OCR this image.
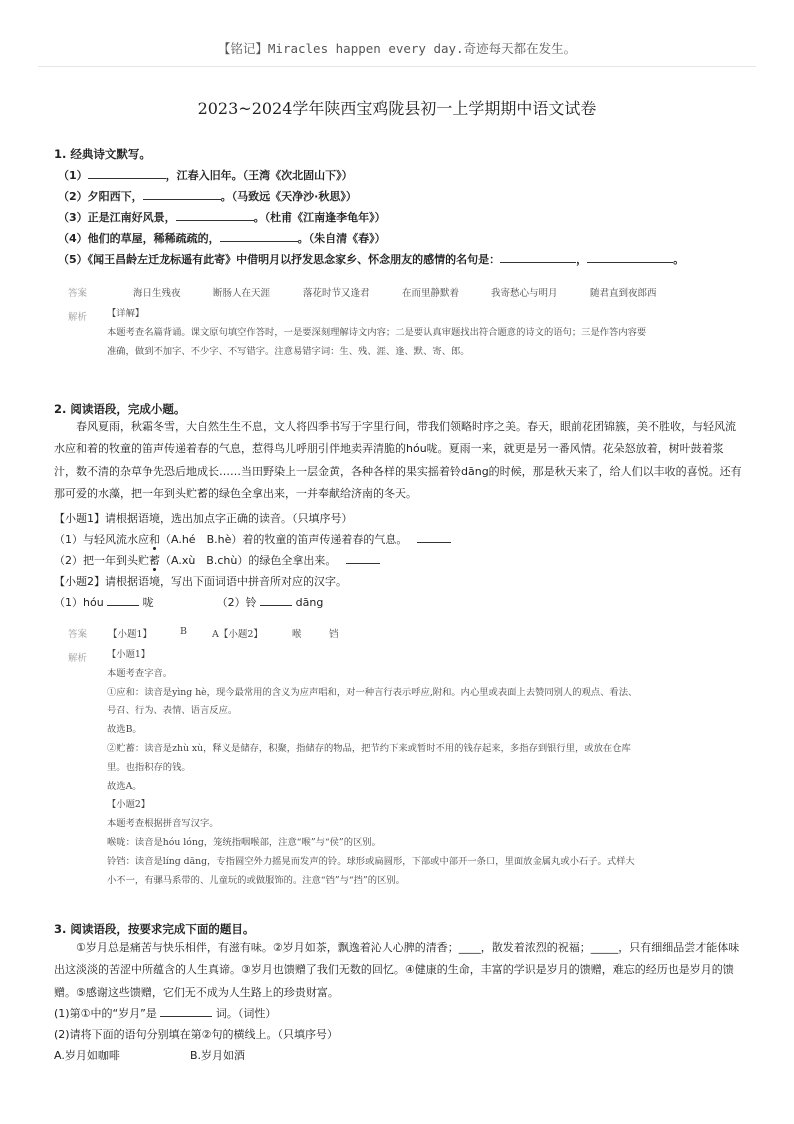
【铭记】Miracles happen every day.奇迹每天都在发生。
2023~2024学年陕西宝鸡陇县初一上学期期中语文试卷
1. 经典诗文默写。
（1）	，江春入旧年。（王湾《次北固山下》）
（2）夕阳西下，	。（马致远《天净沙·秋思》）
（3）正是江南好风景，	。（杜甫《江南逢李龟年》）
（4）他们的草屋，稀稀疏疏的，	。（朱自清《春》）
（5）《闻王昌龄左迁龙标遥有此寄》中借明月以抒发思念家乡、怀念朋友的感情的名句是：	，	。
答案	海日生残夜	断肠人在天涯	落花时节又逢君	在而里静默着	我寄愁心与明月	随君直到夜郎西
解析 【详解】
本题考查名篇背诵。课文原句填空作答时，一是要深刻理解诗文内容；二是要认真审题找出符合题意的诗文的语句；三是作答内容要
准确，做到不加字、不少字、不写错字。注意易错字词：生、残、涯、逢、默、寄、郎。
2. 阅读语段，完成小题。
春风夏雨，秋霜冬雪，大自然生生不息，文人将四季书写于字里行间，带我们领略时序之美。春天，眼前花团锦簇，美不胜收，与轻风流
水应和着的牧童的笛声传递着春的气息，惹得鸟儿呼朋引伴地卖弄清脆的hóu咙。夏雨一来，就更是另一番风情。花朵怒放着，树叶鼓着浆
汁，数不清的杂草争先恐后地成长……当田野染上一层金黄，各种各样的果实摇着铃dāng的时候，那是秋天来了，给人们以丰收的喜悦。还有
那可爱的水藻，把一年到头贮蓄的绿色全拿出来，一并奉献给济南的冬天。
【小题1】请根据语境，选出加点字正确的读音。（只填序号）
（1）与轻风流水应和（A.hé　B.hè）着的牧童的笛声传递着春的气息。
（2）把一年到头贮蓄（A.xù　B.chù）的绿色全拿出来。
【小题2】请根据语境，写出下面词语中拼音所对应的汉字。
（1）hóu	咙	（2）铃	dāng
答案 【小题1】	B	A【小题2】	喉	铛
解析 【小题1】
本题考查字音。
①应和：读音是yìng hè，现今最常用的含义为应声唱和，对一种言行表示呼应,附和。内心里或表面上去赞同别人的观点、看法、
号召、行为、表情、语言反应。
故选B。
②贮蓄：读音是zhù xù，释义是储存，积聚，指储存的物品，把节约下来或暂时不用的钱存起来，多指存到银行里，或放在仓库
里。也指积存的钱。
故选A。
【小题2】
本题考查根据拼音写汉字。
喉咙：读音是hóu lóng，笼统指咽喉部，注意“喉”与“侯”的区别。
铃铛：读音是líng dāng，专指圆空外力摇晃而发声的铃。球形或扁圆形，下部或中部开一条口，里面放金属丸或小石子。式样大
小不一，有骡马系带的、儿童玩的或做服饰的。注意“铛”与“挡”的区别。
3. 阅读语段，按要求完成下面的题目。
①岁月总是痛苦与快乐相伴，有滋有味。②岁月如茶，飘逸着沁人心脾的清香；____，散发着浓烈的祝福；_____，只有细细品尝才能体味
出这淡淡的苦涩中所蕴含的人生真谛。③岁月也馈赠了我们无数的回忆。④健康的生命，丰富的学识是岁月的馈赠，难忘的经历也是岁月的馈
赠。⑤感谢这些馈赠，它们无不成为人生路上的珍贵财富。
(1)第①中的“岁月”是	词。（词性）
(2)请将下面的语句分别填在第②句的横线上。（只填序号）
A.岁月如咖啡	B.岁月如酒
